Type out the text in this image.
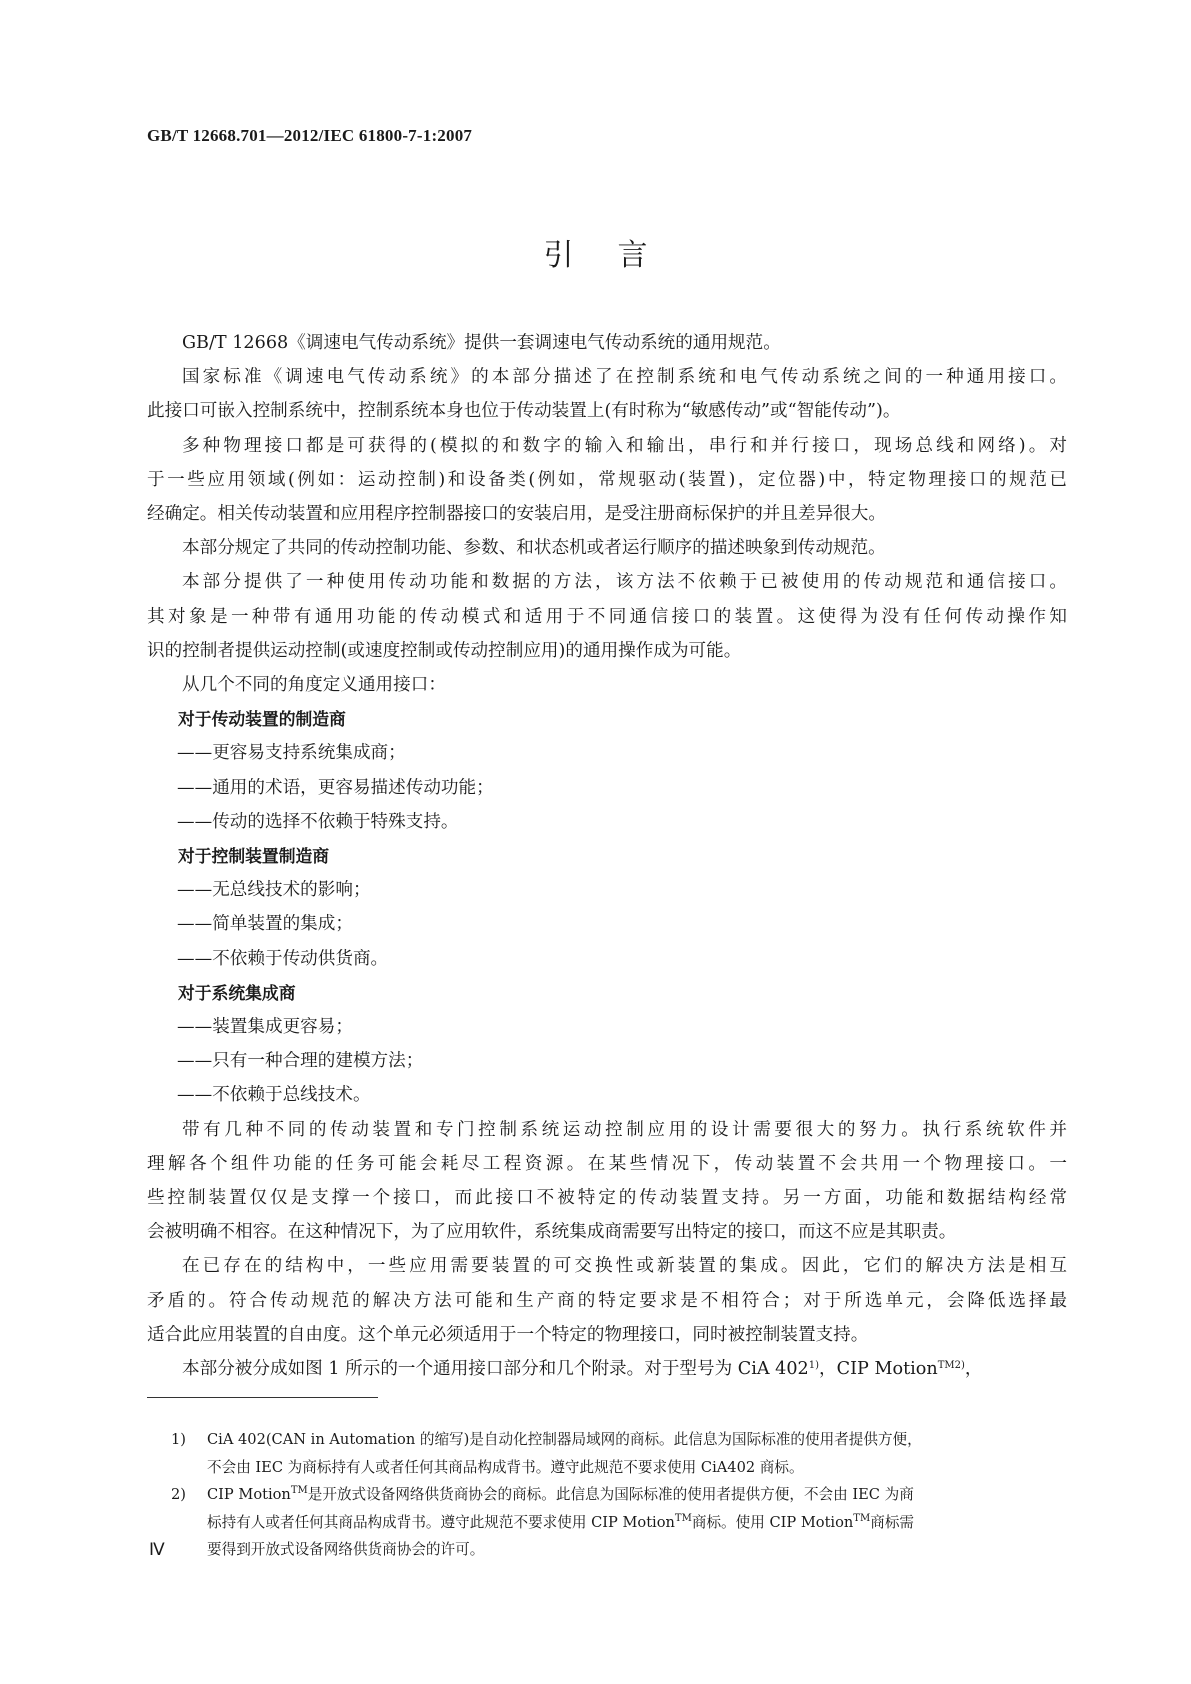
GB/T 12668.701—2012/IEC 61800-7-1:2007
引言

GB/T 12668《调速电气传动系统》提供一套调速电气传动系统的通用规范。

国家标准《调速电气传动系统》的本部分描述了在控制系统和电气传动系统之间的一种通用接口。

此接口可嵌入控制系统中，控制系统本身也位于传动装置上(有时称为“敏感传动”或“智能传动”)。

多种物理接口都是可获得的(模拟的和数字的输入和输出，串行和并行接口，现场总线和网络)。对

于一些应用领域(例如：运动控制)和设备类(例如，常规驱动(装置)，定位器)中，特定物理接口的规范已

经确定。相关传动装置和应用程序控制器接口的安装启用，是受注册商标保护的并且差异很大。

本部分规定了共同的传动控制功能、参数、和状态机或者运行顺序的描述映象到传动规范。

本部分提供了一种使用传动功能和数据的方法，该方法不依赖于已被使用的传动规范和通信接口。

其对象是一种带有通用功能的传动模式和适用于不同通信接口的装置。这使得为没有任何传动操作知

识的控制者提供运动控制(或速度控制或传动控制应用)的通用操作成为可能。

从几个不同的角度定义通用接口：

对于传动装置的制造商

——更容易支持系统集成商；

——通用的术语，更容易描述传动功能；

——传动的选择不依赖于特殊支持。

对于控制装置制造商

——无总线技术的影响；

——简单装置的集成；

——不依赖于传动供货商。

对于系统集成商

——装置集成更容易；

——只有一种合理的建模方法；

——不依赖于总线技术。

带有几种不同的传动装置和专门控制系统运动控制应用的设计需要很大的努力。执行系统软件并

理解各个组件功能的任务可能会耗尽工程资源。在某些情况下，传动装置不会共用一个物理接口。一

些控制装置仅仅是支撑一个接口，而此接口不被特定的传动装置支持。另一方面，功能和数据结构经常

会被明确不相容。在这种情况下，为了应用软件，系统集成商需要写出特定的接口，而这不应是其职责。

在已存在的结构中，一些应用需要装置的可交换性或新装置的集成。因此，它们的解决方法是相互

矛盾的。符合传动规范的解决方法可能和生产商的特定要求是不相符合；对于所选单元，会降低选择最

适合此应用装置的自由度。这个单元必须适用于一个特定的物理接口，同时被控制装置支持。

本部分被分成如图 1 所示的一个通用接口部分和几个附录。对于型号为 CiA 402$^{1)}$，CIP Motion$^{TM2)}$，

1)	CiA 402(CAN in Automation 的缩写)是自动化控制器局域网的商标。此信息为国际标准的使用者提供方便，
不会由 IEC 为商标持有人或者任何其商品构成背书。遵守此规范不要求使用 CiA402 商标。
2)	CIP Motion™是开放式设备网络供货商协会的商标。此信息为国际标准的使用者提供方便，不会由 IEC 为商
标持有人或者任何其商品构成背书。遵守此规范不要求使用 CIP Motion™商标。使用 CIP Motion™商标需
要得到开放式设备网络供货商协会的许可。
Ⅳ
